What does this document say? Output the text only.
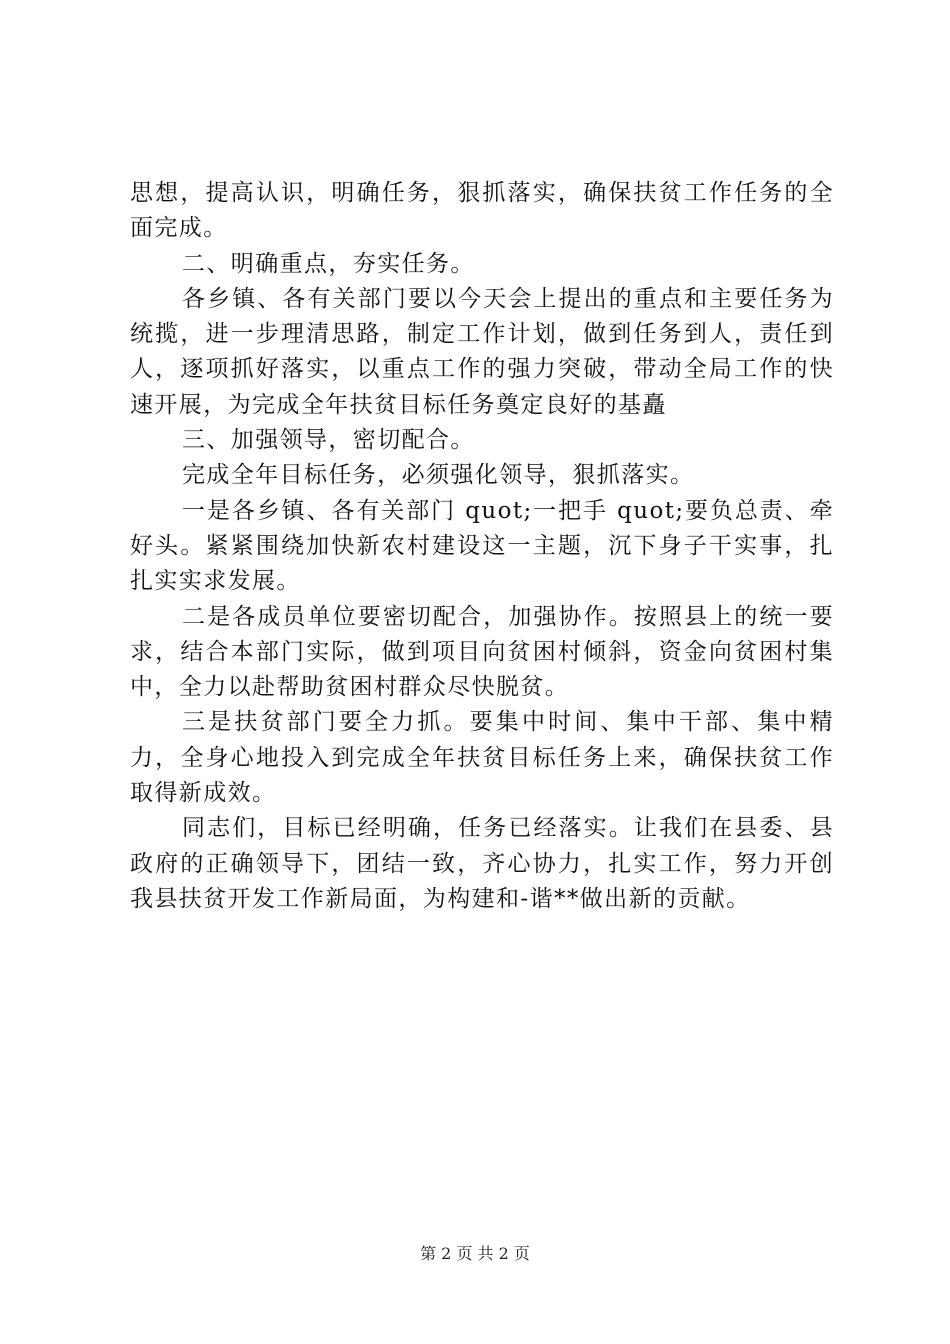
思想，提高认识，明确任务，狠抓落实，确保扶贫工作任务的全面完成。

二、明确重点，夯实任务。

各乡镇、各有关部门要以今天会上提出的重点和主要任务为统揽，进一步理清思路，制定工作计划，做到任务到人，责任到人，逐项抓好落实，以重点工作的强力突破，带动全局工作的快速开展，为完成全年扶贫目标任务奠定良好的基矗

三、加强领导，密切配合。

完成全年目标任务，必须强化领导，狠抓落实。

一是各乡镇、各有关部门 quot;一把手 quot;要负总责、牵好头。紧紧围绕加快新农村建设这一主题，沉下身子干实事，扎扎实实求发展。

二是各成员单位要密切配合，加强协作。按照县上的统一要求，结合本部门实际，做到项目向贫困村倾斜，资金向贫困村集中，全力以赴帮助贫困村群众尽快脱贫。

三是扶贫部门要全力抓。要集中时间、集中干部、集中精力，全身心地投入到完成全年扶贫目标任务上来，确保扶贫工作取得新成效。

同志们，目标已经明确，任务已经落实。让我们在县委、县政府的正确领导下，团结一致，齐心协力，扎实工作，努力开创我县扶贫开发工作新局面，为构建和-谐**做出新的贡献。

第 2 页 共 2 页
